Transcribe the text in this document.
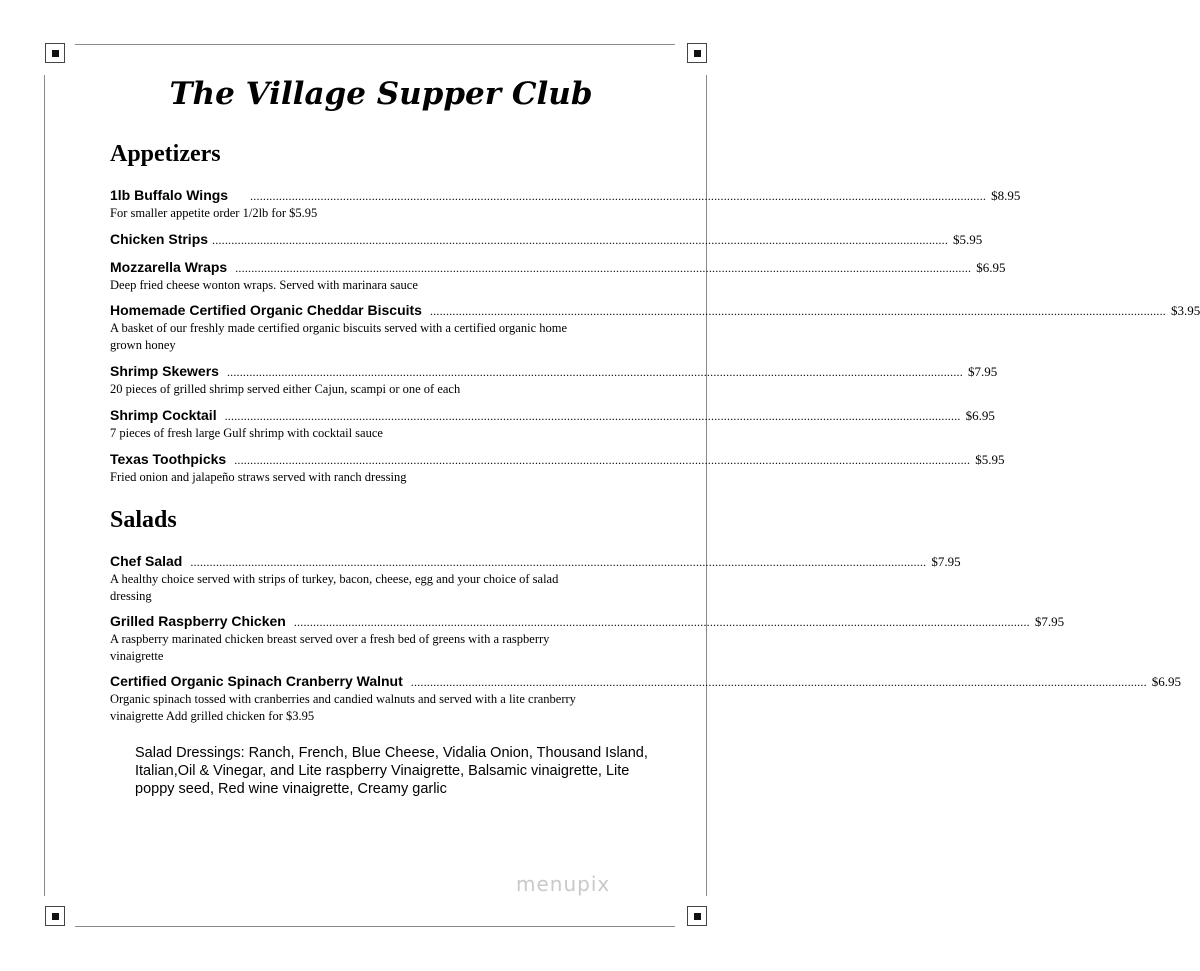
The Village Supper Club
Appetizers
1lb Buffalo Wings ...................................................................................................................................................................................................................................... $8.95
For smaller appetite order 1/2lb for $5.95
Chicken Strips ...................................................................................................................................................................................................................................... $5.95
Mozzarella Wraps ...................................................................................................................................................................................................................................... $6.95
Deep fried cheese wonton wraps. Served with marinara sauce
Homemade Certified Organic Cheddar Biscuits ...................................................................................................................................................................................................................................... $3.95
A basket of our freshly made certified organic biscuits served with a certified organic home grown honey
Shrimp Skewers ...................................................................................................................................................................................................................................... $7.95
20 pieces of grilled shrimp served either Cajun, scampi or one of each
Shrimp Cocktail ...................................................................................................................................................................................................................................... $6.95
7 pieces of fresh large Gulf shrimp with cocktail sauce
Texas Toothpicks ...................................................................................................................................................................................................................................... $5.95
Fried onion and jalapeño straws served with ranch dressing
Salads
Chef Salad ...................................................................................................................................................................................................................................... $7.95
A healthy choice served with strips of turkey, bacon, cheese, egg and your choice of salad dressing
Grilled Raspberry Chicken ...................................................................................................................................................................................................................................... $7.95
A raspberry marinated chicken breast served over a fresh bed of greens with a raspberry vinaigrette
Certified Organic Spinach Cranberry Walnut ...................................................................................................................................................................................................................................... $6.95
Organic spinach tossed with cranberries and candied walnuts and served with a lite cranberry vinaigrette Add grilled chicken for $3.95
Salad Dressings: Ranch, French, Blue Cheese, Vidalia Onion, Thousand Island, Italian,Oil & Vinegar, and Lite raspberry Vinaigrette, Balsamic vinaigrette, Lite poppy seed, Red wine vinaigrette, Creamy garlic
menupix
